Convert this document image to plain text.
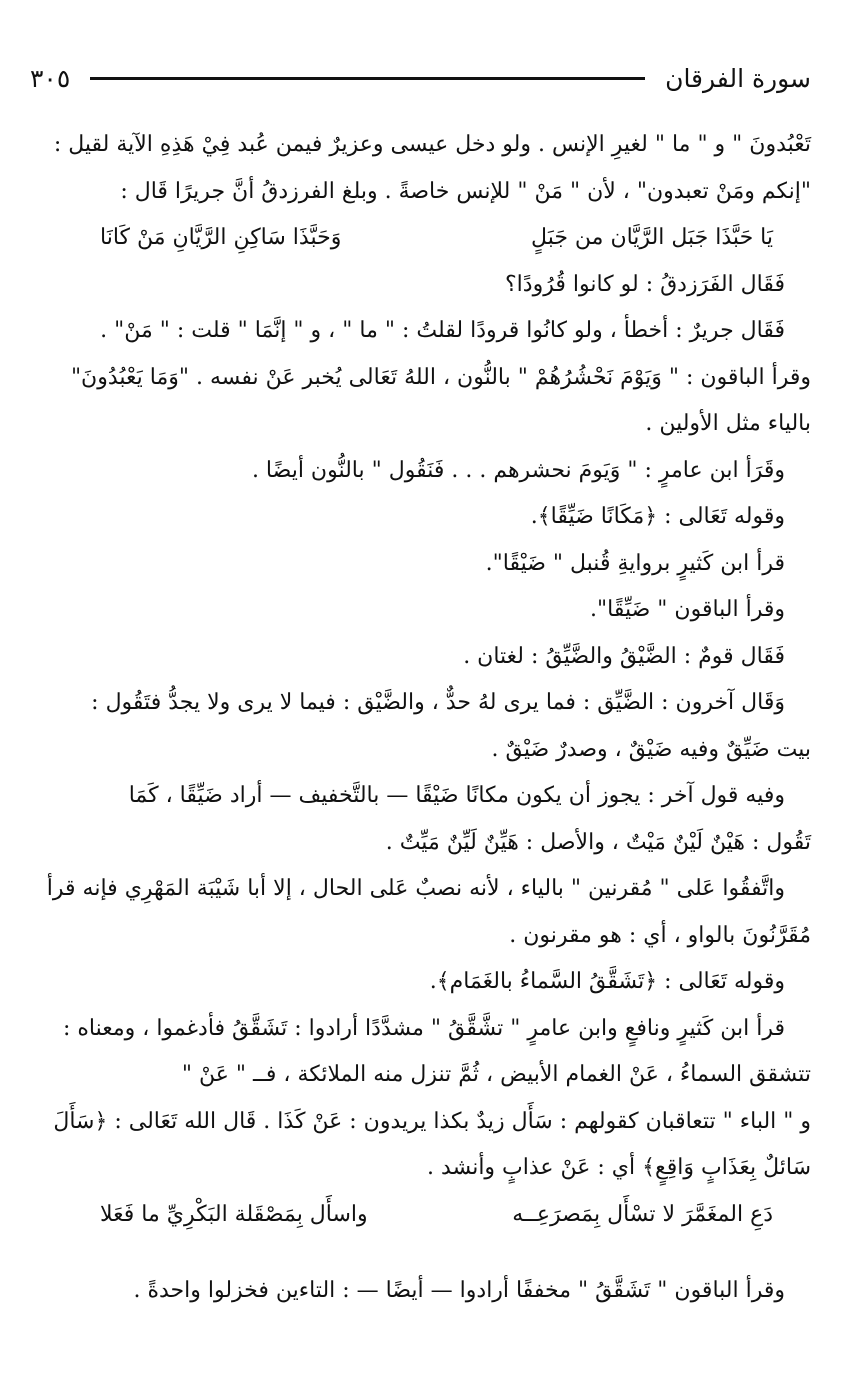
سورة الفرقان
٣٠٥

تَعْبُدونَ " و " ما " لغيرِ الإنس . ولو دخل عيسى وعزيرٌ فيمن عُبد فِيْ هَذِهِ الآية لقيل :

"إنكم ومَنْ تعبدون" ، لأن " مَنْ " للإنس خاصةً . وبلغ الفرزدقُ أنَّ جريرًا قَال :

يَا حَبَّذَا جَبَل الرَّيَّان من جَبَلٍ
وَحَبَّذَا سَاكِنِ الرَّيَّانِ مَنْ كَانَا

فَقَال الفَرَزدقُ : لو كانوا قُرُودًا؟

فَقَال جريرٌ : أخطأ ، ولو كانُوا قرودًا لقلتُ : " ما " ، و " إنَّمَا " قلت : " مَنْ" .

وقرأ الباقون : " وَيَوْمَ نَحْشُرُهُمْ " بالنُّون ، اللهُ تَعَالى يُخبر عَنْ نفسه . "وَمَا يَعْبُدُونَ"

بالياء مثل الأولين .

وقَرَأ ابن عامرٍ : " وَيَومَ نحشرهم . . . فَنَقُول " بالنُّون أيضًا .

وقوله تَعَالى : ﴿مَكَانًا ضَيِّقًا﴾.

قرأ ابن كَثيرٍ بروايةِ قُنبل " ضَيْقًا".

وقرأ الباقون " ضَيِّقًا".

فَقَال قومٌ : الضَّيْقُ والضَّيِّقُ : لغتان .

وَقَال آخرون : الضَّيِّق : فما يرى لهُ حدٌّ ، والضَّيْق : فيما لا يرى ولا يجدُّ فتَقُول :

بيت ضَيِّقٌ وفيه ضَيْقٌ ، وصدرٌ ضَيْقٌ .

وفيه قول آخر : يجوز أن يكون مكانًا ضَيْقًا — بالتَّخفيف — أراد ضَيِّقًا ، كَمَا

تَقُول : هَيْنٌ لَيْنٌ مَيْتٌ ، والأصل : هَيِّنٌ لَيِّنٌ مَيِّتٌ .

واتَّفقُوا عَلى " مُقرنين " بالياء ، لأنه نصبٌ عَلى الحال ، إلا أبا شَيْبَة المَهْرِي فإنه قرأ

مُقَرَّنُونَ بالواو ، أي : هو مقرنون .

وقوله تَعَالى : ﴿تَشَقَّقُ السَّماءُ بالغَمَام﴾.

قرأ ابن كَثيرٍ ونافعٍ وابن عامرٍ " تشَّقَّقُ " مشدَّدًا أرادوا : تَشَقَّقُ فأدغموا ، ومعناه :

تتشقق السماءُ ، عَنْ الغمام الأبيض ، ثُمَّ تنزل منه الملائكة ، فــ " عَنْ "

و " الباء " تتعاقبان كقولهم : سَأَل زيدٌ بكذا يريدون : عَنْ كَذَا . قَال الله تَعَالى : ﴿سَأَلَ

سَائلٌ بِعَذَابٍ وَاقِعٍ﴾ أي : عَنْ عذابٍ وأنشد .

دَعِ المغَمَّرَ لا تسْأَل بِمَصرَعِــه
واسأَل بِمَصْقَلة البَكْرِيِّ ما فَعَلا

وقرأ الباقون " تَشَقَّقُ " مخففًا أرادوا — أيضًا — : التاءين فخزلوا واحدةً .
